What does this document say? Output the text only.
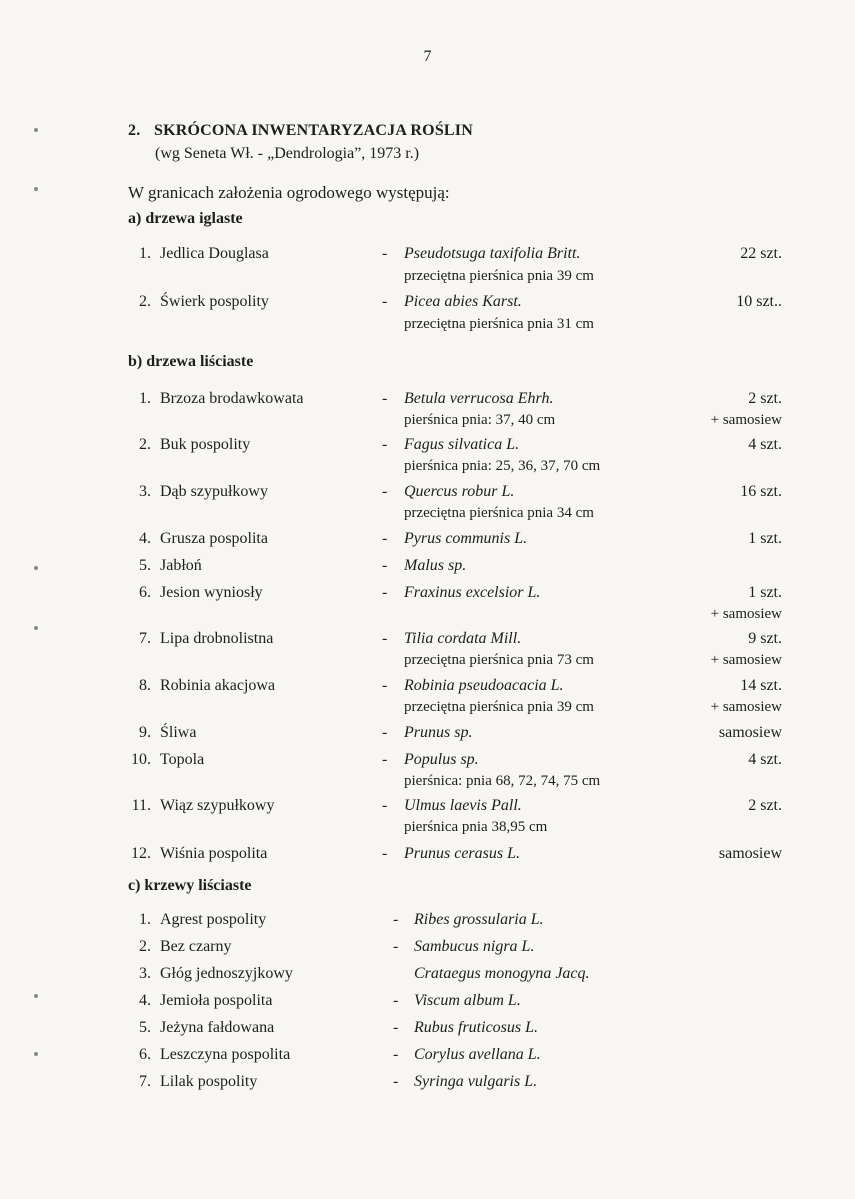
7
2. SKRÓCONA INWENTARYZACJA ROŚLIN
(wg Seneta Wł. - „Dendrologia”, 1973 r.)
W granicach założenia ogrodowego występują:
a) drzewa iglaste
1. Jedlica Douglasa	- Pseudotsuga taxifolia Britt.	22 szt.
przeciętna pierśnica pnia 39 cm
2. Świerk pospolity	- Picea abies Karst.	10 szt..
przeciętna pierśnica pnia 31 cm
b) drzewa liściaste
1. Brzoza brodawkowata	- Betula verrucosa Ehrh.	2 szt.
pierśnica pnia: 37, 40 cm	+ samosiew
2. Buk pospolity	- Fagus silvatica L.	4 szt.
pierśnica pnia: 25, 36, 37, 70 cm
3. Dąb szypułkowy	- Quercus robur L.	16 szt.
przeciętna pierśnica pnia 34 cm
4. Grusza pospolita	- Pyrus communis L.	1 szt.
5. Jabłoń	- Malus sp.
6. Jesion wyniosły	- Fraxinus excelsior L.	1 szt.
+ samosiew
7. Lipa drobnolistna	- Tilia cordata Mill.	9 szt.
przeciętna pierśnica pnia 73 cm	+ samosiew
8. Robinia akacjowa	- Robinia pseudoacacia L.	14 szt.
przeciętna pierśnica pnia 39 cm	+ samosiew
9. Śliwa	- Prunus sp.	samosiew
10. Topola	- Populus sp.	4 szt.
pierśnica: pnia 68, 72, 74, 75 cm
11. Wiąz szypułkowy	- Ulmus laevis Pall.	2 szt.
pierśnica pnia 38,95 cm
12. Wiśnia pospolita	- Prunus cerasus L.	samosiew
c) krzewy liściaste
1. Agrest pospolity	- Ribes grossularia L.
2. Bez czarny	- Sambucus nigra L.
3. Głóg jednoszyjkowy	Crataegus monogyna Jacq.
4. Jemioła pospolita	- Viscum album L.
5. Jeżyna fałdowana	- Rubus fruticosus L.
6. Leszczyna pospolita	- Corylus avellana L.
7. Lilak pospolity	- Syringa vulgaris L.
